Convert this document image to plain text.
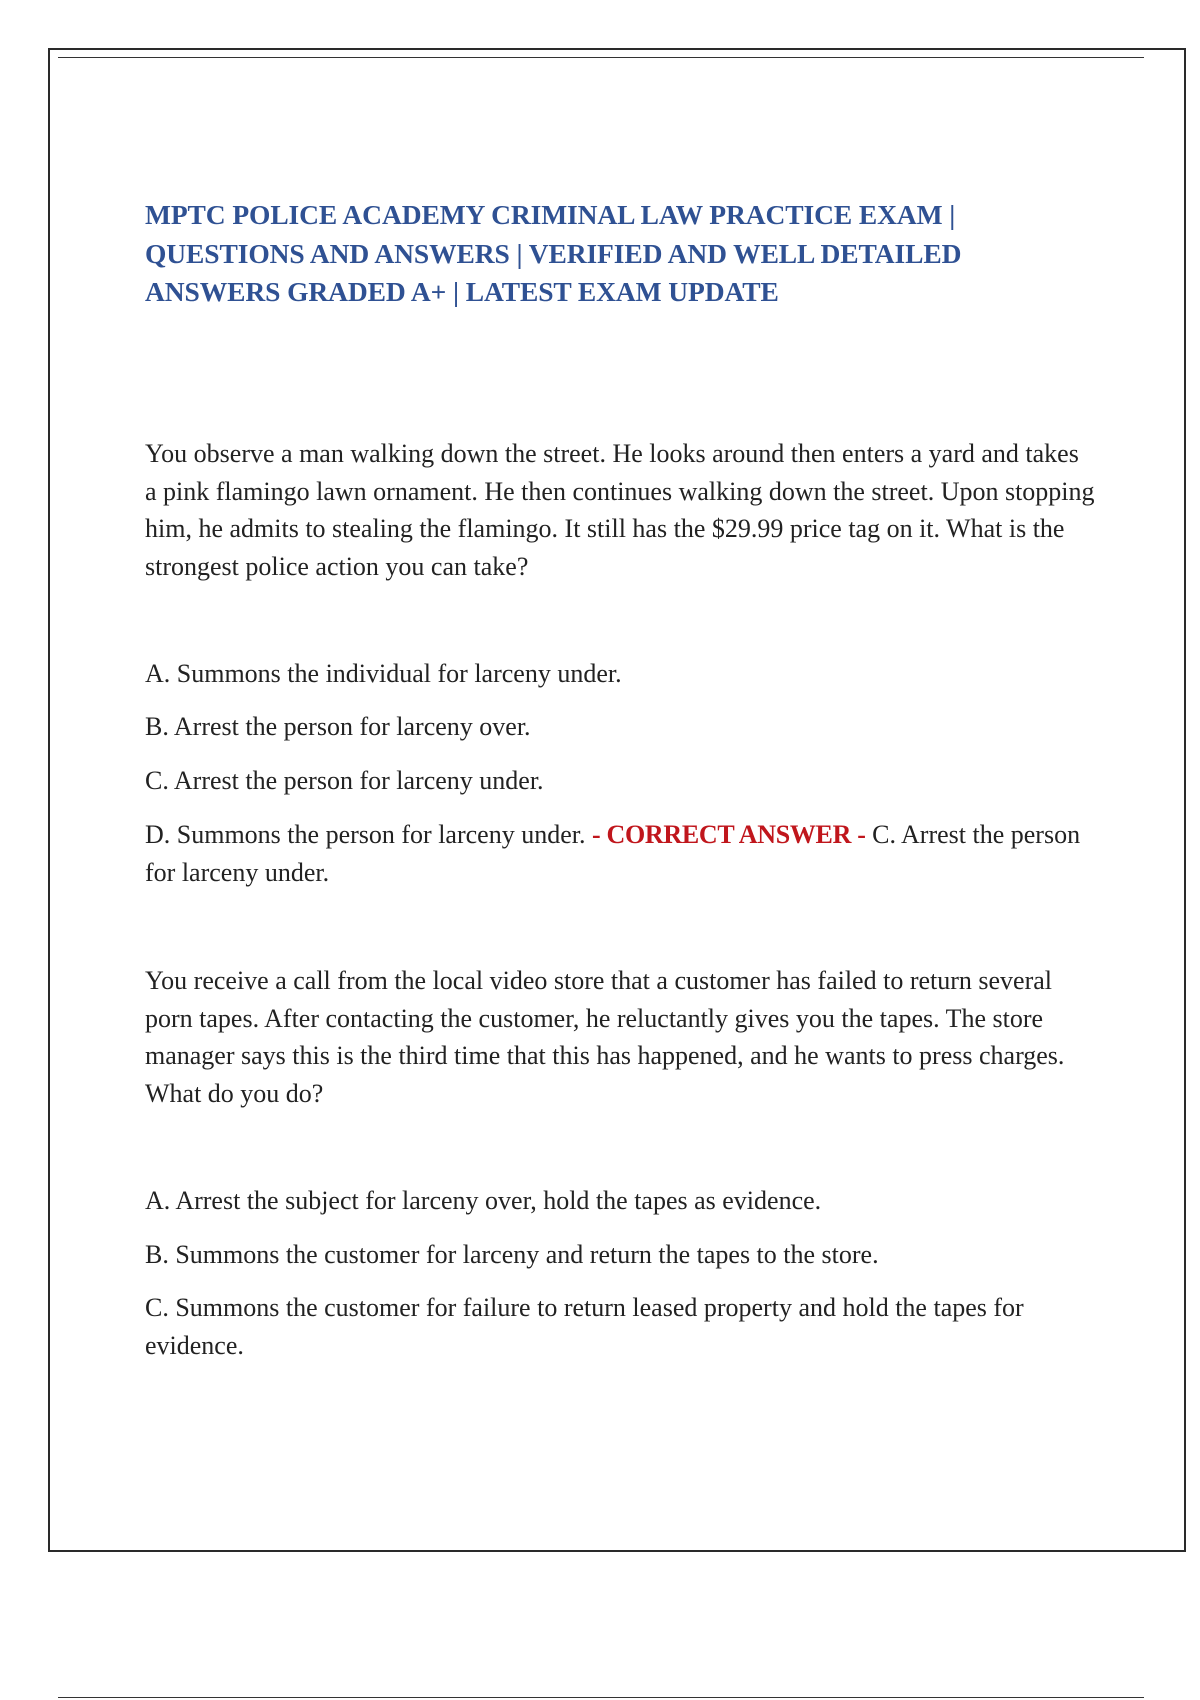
MPTC POLICE ACADEMY CRIMINAL LAW PRACTICE EXAM | QUESTIONS AND ANSWERS | VERIFIED AND WELL DETAILED ANSWERS GRADED A+ | LATEST EXAM UPDATE

You observe a man walking down the street. He looks around then enters a yard and takes a pink flamingo lawn ornament. He then continues walking down the street. Upon stopping him, he admits to stealing the flamingo. It still has the $29.99 price tag on it. What is the strongest police action you can take?

A. Summons the individual for larceny under.

B. Arrest the person for larceny over.

C. Arrest the person for larceny under.

D. Summons the person for larceny under. - CORRECT ANSWER - C. Arrest the person for larceny under.

You receive a call from the local video store that a customer has failed to return several porn tapes. After contacting the customer, he reluctantly gives you the tapes. The store manager says this is the third time that this has happened, and he wants to press charges. What do you do?

A. Arrest the subject for larceny over, hold the tapes as evidence.

B. Summons the customer for larceny and return the tapes to the store.

C. Summons the customer for failure to return leased property and hold the tapes for evidence.
